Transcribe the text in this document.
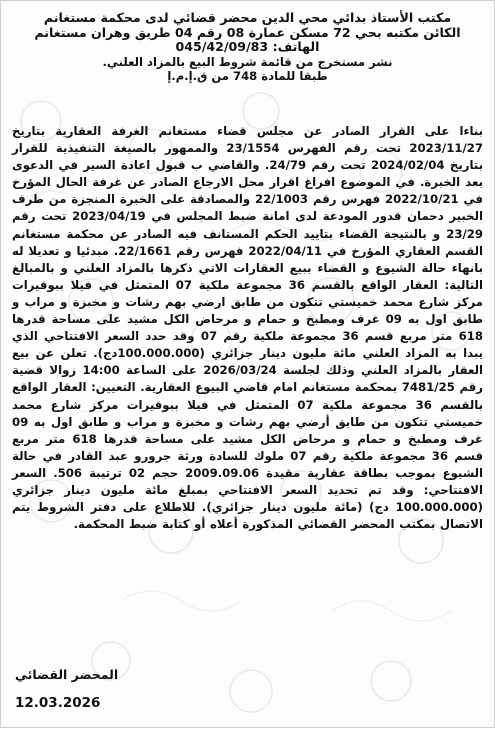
مكتب الأستاذ بدائي محي الدين محضر قضائي لدى محكمة مستغانم
الكائن مكتبه بحي 72 مسكن عمارة 08 رقم 04 طريق وهران مستغانم
الهاتف: 045/42/09/83
نشر مستخرج من قائمة شروط البيع بالمزاد العلني.
طبقا للمادة 748 من ق.إ.م.إ
بناءا على القرار الصادر عن مجلس قضاء مستغانم الغرفة العقارية بتاريخ 2023/11/27 تحت رقم الفهرس 23/1554 والممهور بالصيغة التنفيذية للقرار بتاريخ 2024/02/04 تحت رقم 24/79. والقاضي ب قبول اعادة السير في الدعوى بعد الخبرة. في الموضوع افراغ اقرار محل الارجاع الصادر عن غرفة الحال المؤرخ في 2022/10/21 فهرس رقم 22/1003 والمصادقة على الخبرة المنجزة من طرف الخبير دحمان قدور المودعة لدى امانة ضبط المجلس في 2023/04/19 تحت رقم 23/29 و بالنتيجة القضاء بتاييد الحكم المستانف فيه الصادر عن محكمة مستغانم القسم العقاري المؤرخ في 2022/04/11 فهرس رقم 22/1661. مبدئيا و تعديلا له بانهاء حالة الشيوع و القضاء ببيع العقارات الاتي ذكرها بالمزاد العلني و بالمبالغ التالية: العقار الواقع بالقسم 36 مجموعة ملكية 07 المتمثل في فيلا ببوقيرات مركز شارع محمد خميستي تتكون من طابق ارضي بهم رشات و مخبزة و مراب و طابق اول به 09 غرف ومطبخ و حمام و مرحاض الكل مشيد على مساحة قدرها 618 متر مربع قسم 36 مجموعة ملكية رقم 07 وقد حدد السعر الافتتاحي الذي يبدا به المزاد العلني مائة مليون دينار جزائري (100.000.000دج). تعلن عن بيع العقار بالمزاد العلني وذلك لجلسة 2026/03/24 على الساعة 14:00 زوالا قضية رقم 7481/25 بمحكمة مستغانم امام قاضي البيوع العقارية. التعيين: العقار الواقع بالقسم 36 مجموعة ملكية 07 المتمثل في فيلا ببوقيرات مركز شارع محمد خميستي تتكون من طابق أرضي بهم رشات و مخبزة و مراب و طابق اول به 09 غرف ومطبخ و حمام و مرحاض الكل مشيد على مساحة قدرها 618 متر مربع قسم 36 مجموعة ملكية رقم 07 ملوك للسادة ورثة جرورو عبد القادر في حالة الشيوع بموجب بطاقة عقارية مقيدة 2009.09.06 حجم 02 ترتيبة 506. السعر الافتتاحي: وقد تم تحديد السعر الافتتاحي بمبلغ مائة مليون دينار جزائري (100.000.000 دج) (مائة مليون دينار جزائري). للاطلاع على دفتر الشروط يتم الاتصال بمكتب المحضر القضائي المذكورة أعلاه أو كتابة ضبط المحكمة.
المحضر القضائي
12.03.2026
